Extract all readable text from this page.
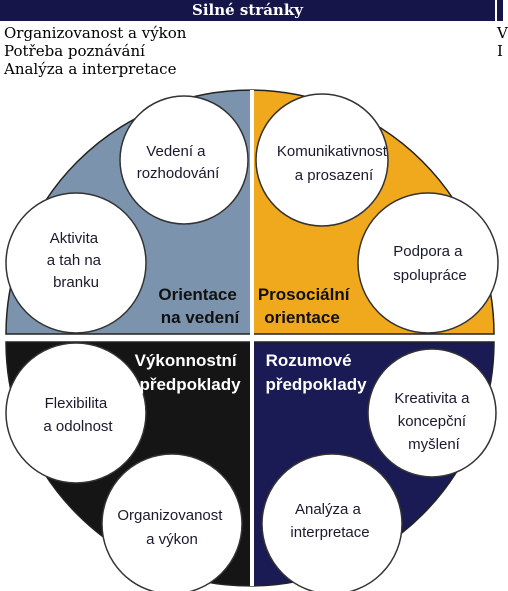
Silné stránky
Organizovanost a výkon
Potřeba poznávání
Analýza a interpretace
V
I
Vedení a rozhodování
Aktivita a tah na branku
Komunikativnost a prosazení
Podpora a spolupráce
Flexibilita a odolnost
Organizovanost a výkon
Kreativita a koncepční myšlení
Analýza a interpretace
Orientace na vedení
Prosociální orientace
Výkonnostní předpoklady
Rozumové předpoklady
